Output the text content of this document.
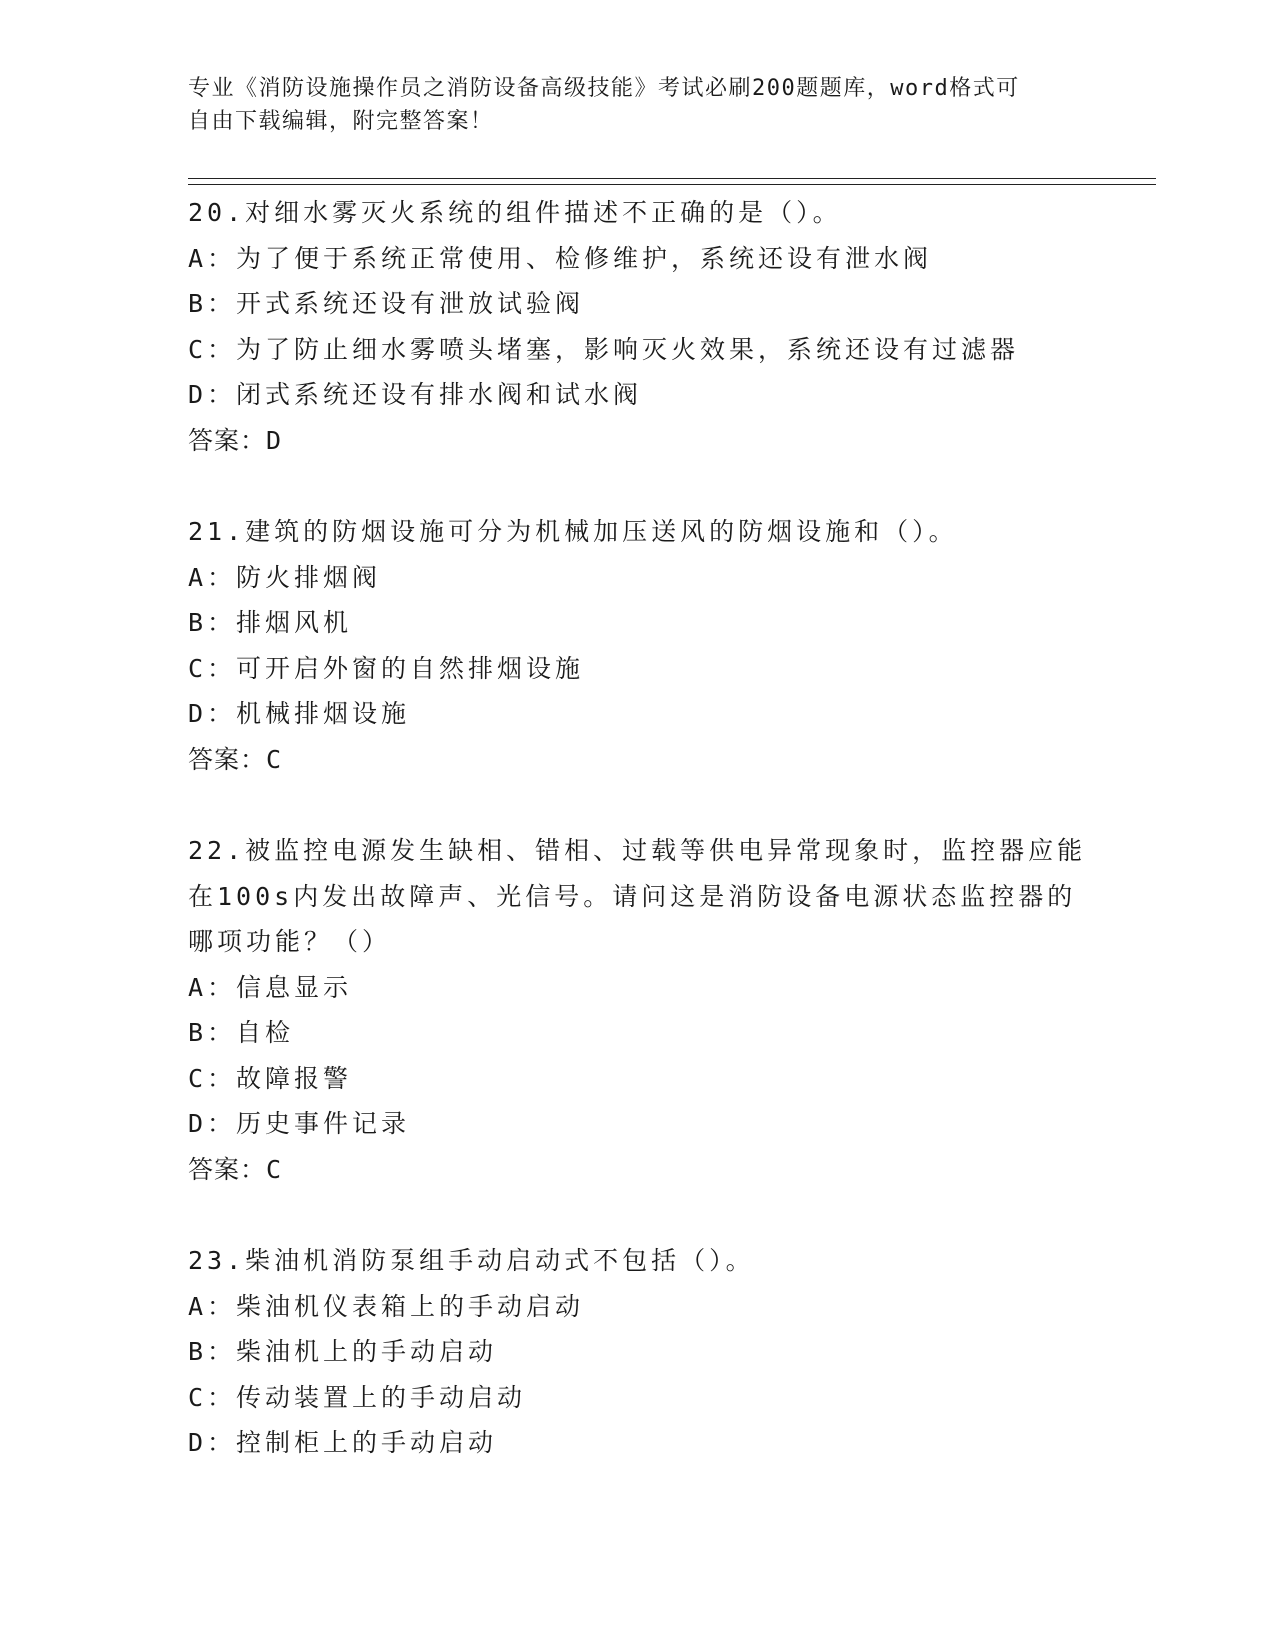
专业《消防设施操作员之消防设备高级技能》考试必刷200题题库，word格式可
自由下载编辑，附完整答案！
20.对细水雾灭火系统的组件描述不正确的是（）。
A：为了便于系统正常使用、检修维护，系统还设有泄水阀
B：开式系统还设有泄放试验阀
C：为了防止细水雾喷头堵塞，影响灭火效果，系统还设有过滤器
D：闭式系统还设有排水阀和试水阀
答案：D
21.建筑的防烟设施可分为机械加压送风的防烟设施和（）。
A：防火排烟阀
B：排烟风机
C：可开启外窗的自然排烟设施
D：机械排烟设施
答案：C
22.被监控电源发生缺相、错相、过载等供电异常现象时，监控器应能
在100s内发出故障声、光信号。请问这是消防设备电源状态监控器的
哪项功能？（）
A：信息显示
B：自检
C：故障报警
D：历史事件记录
答案：C
23.柴油机消防泵组手动启动式不包括（）。
A：柴油机仪表箱上的手动启动
B：柴油机上的手动启动
C：传动装置上的手动启动
D：控制柜上的手动启动
